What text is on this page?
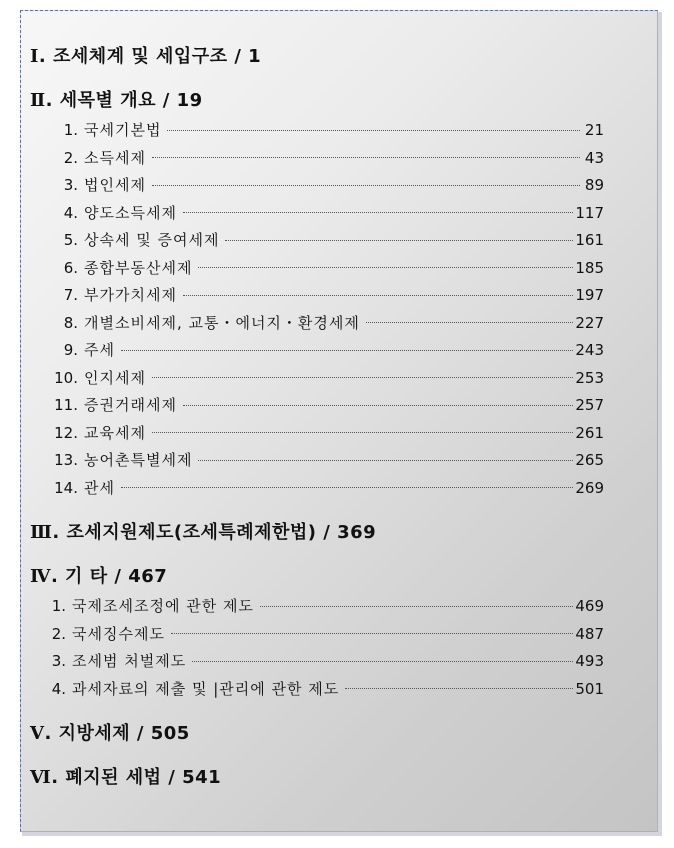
Ⅰ. 조세체계 및 세입구조 / 1
Ⅱ. 세목별 개요 / 19
1. 국세기본법	21
2. 소득세제	43
3. 법인세제	89
4. 양도소득세제	117
5. 상속세 및 증여세제	161
6. 종합부동산세제	185
7. 부가가치세제	197
8. 개별소비세제, 교통・에너지・환경세제	227
9. 주세	243
10. 인지세제	253
11. 증권거래세제	257
12. 교육세제	261
13. 농어촌특별세제	265
14. 관세	269
Ⅲ. 조세지원제도(조세특례제한법) / 369
Ⅳ. 기 타 / 467
1. 국제조세조정에 관한 제도	469
2. 국세징수제도	487
3. 조세범 처벌제도	493
4. 과세자료의 제출 및 |관리에 관한 제도	501
Ⅴ. 지방세제 / 505
Ⅵ. 폐지된 세법 / 541
